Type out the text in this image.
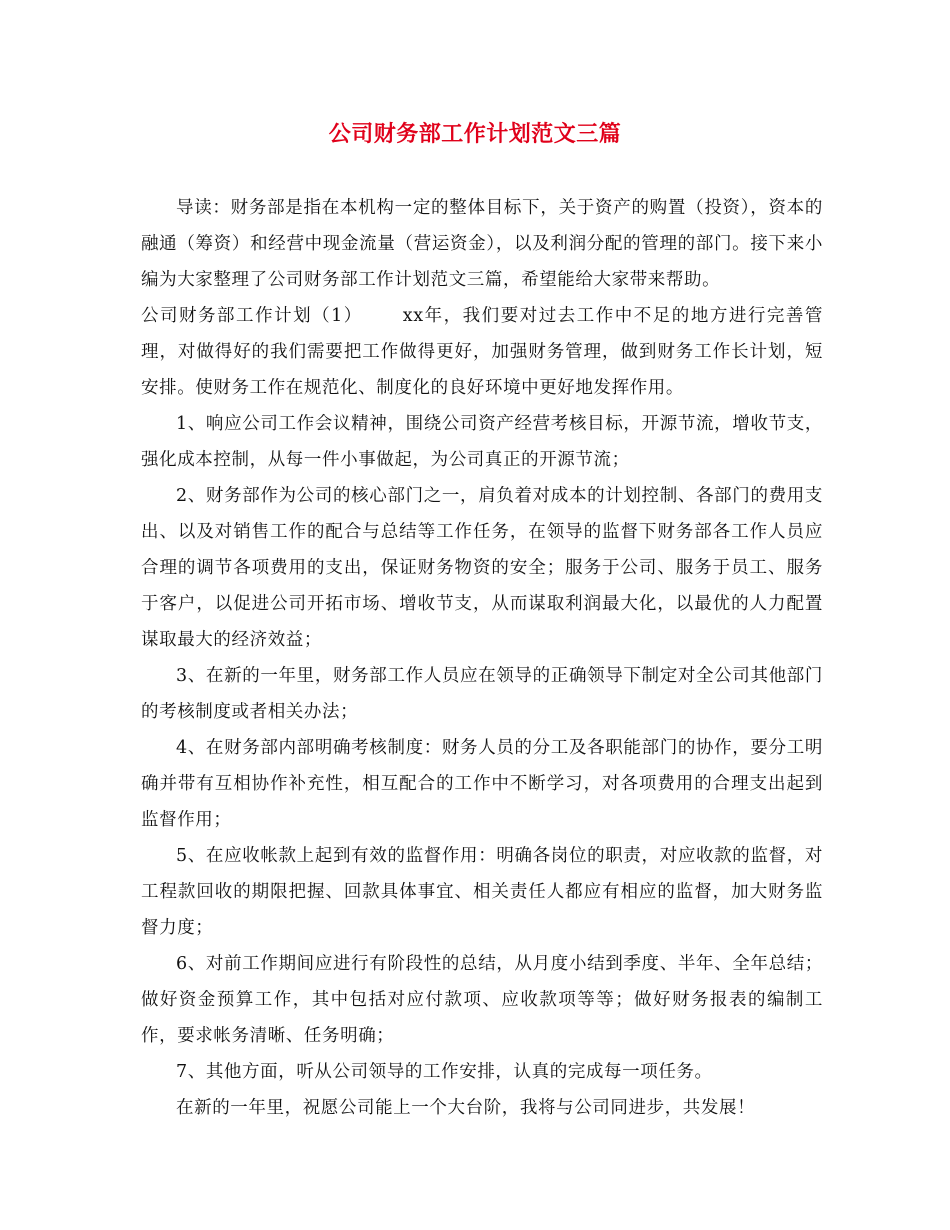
公司财务部工作计划范文三篇

导读：财务部是指在本机构一定的整体目标下，关于资产的购置（投资），资本的融通（筹资）和经营中现金流量（营运资金），以及利润分配的管理的部门。接下来小编为大家整理了公司财务部工作计划范文三篇，希望能给大家带来帮助。

公司财务部工作计划（1） xx年，我们要对过去工作中不足的地方进行完善管理，对做得好的我们需要把工作做得更好，加强财务管理，做到财务工作长计划，短安排。使财务工作在规范化、制度化的良好环境中更好地发挥作用。

1、响应公司工作会议精神，围绕公司资产经营考核目标，开源节流，增收节支，强化成本控制，从每一件小事做起，为公司真正的开源节流；

2、财务部作为公司的核心部门之一，肩负着对成本的计划控制、各部门的费用支出、以及对销售工作的配合与总结等工作任务，在领导的监督下财务部各工作人员应合理的调节各项费用的支出，保证财务物资的安全；服务于公司、服务于员工、服务于客户，以促进公司开拓市场、增收节支，从而谋取利润最大化，以最优的人力配置谋取最大的经济效益；

3、在新的一年里，财务部工作人员应在领导的正确领导下制定对全公司其他部门的考核制度或者相关办法；

4、在财务部内部明确考核制度：财务人员的分工及各职能部门的协作，要分工明确并带有互相协作补充性，相互配合的工作中不断学习，对各项费用的合理支出起到监督作用；

5、在应收帐款上起到有效的监督作用：明确各岗位的职责，对应收款的监督，对工程款回收的期限把握、回款具体事宜、相关责任人都应有相应的监督，加大财务监督力度；

6、对前工作期间应进行有阶段性的总结，从月度小结到季度、半年、全年总结；做好资金预算工作，其中包括对应付款项、应收款项等等；做好财务报表的编制工作，要求帐务清晰、任务明确；

7、其他方面，听从公司领导的工作安排，认真的完成每一项任务。

在新的一年里，祝愿公司能上一个大台阶，我将与公司同进步，共发展！
